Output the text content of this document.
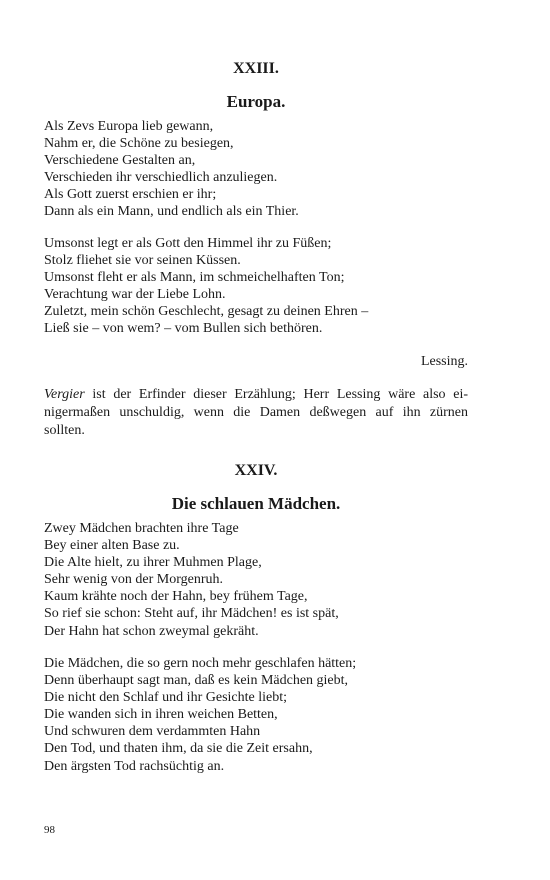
XXIII.
Europa.
Als Zevs Europa lieb gewann,
Nahm er, die Schöne zu besiegen,
Verschiedene Gestalten an,
Verschieden ihr verschiedlich anzuliegen.
Als Gott zuerst erschien er ihr;
Dann als ein Mann, und endlich als ein Thier.
Umsonst legt er als Gott den Himmel ihr zu Füßen;
Stolz fliehet sie vor seinen Küssen.
Umsonst fleht er als Mann, im schmeichelhaften Ton;
Verachtung war der Liebe Lohn.
Zuletzt, mein schön Geschlecht, gesagt zu deinen Ehren –
Ließ sie – von wem? – vom Bullen sich bethören.

Lessing.

Vergier ist der Erfinder dieser Erzählung; Herr Lessing wäre also ei-
nigermaßen unschuldig, wenn die Damen deßwegen auf ihn zürnen
sollten.

XXIV.
Die schlauen Mädchen.
Zwey Mädchen brachten ihre Tage
Bey einer alten Base zu.
Die Alte hielt, zu ihrer Muhmen Plage,
Sehr wenig von der Morgenruh.
Kaum krähte noch der Hahn, bey frühem Tage,
So rief sie schon: Steht auf, ihr Mädchen! es ist spät,
Der Hahn hat schon zweymal gekräht.
Die Mädchen, die so gern noch mehr geschlafen hätten;
Denn überhaupt sagt man, daß es kein Mädchen giebt,
Die nicht den Schlaf und ihr Gesichte liebt;
Die wanden sich in ihren weichen Betten,
Und schwuren dem verdammten Hahn
Den Tod, und thaten ihm, da sie die Zeit ersahn,
Den ärgsten Tod rachsüchtig an.

98
